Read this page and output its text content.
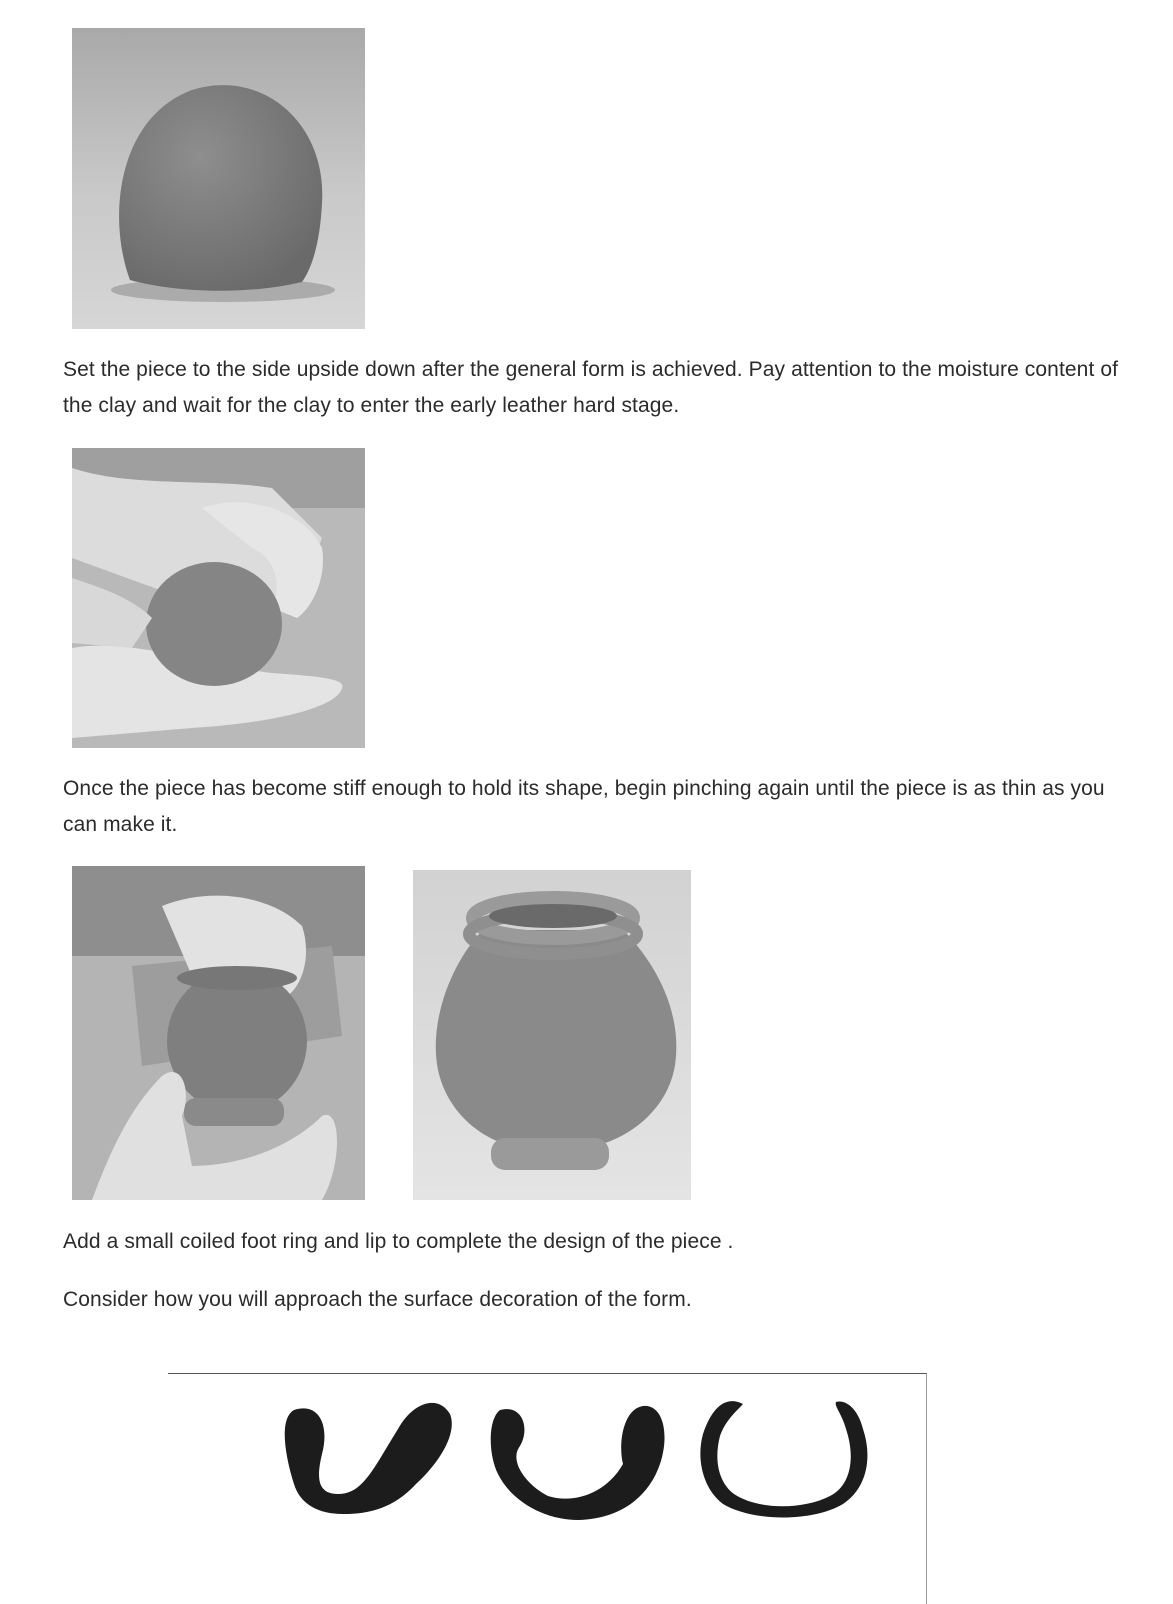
Set the piece to the side upside down after the general form is achieved. Pay attention to the moisture content of the clay and wait for the clay to enter the early leather hard stage.

Once the piece has become stiff enough to hold its shape, begin pinching again until the piece is as thin as you can make it.

Add a small coiled foot ring and lip to complete the design of the piece .

Consider how you will approach the surface decoration of the form.
